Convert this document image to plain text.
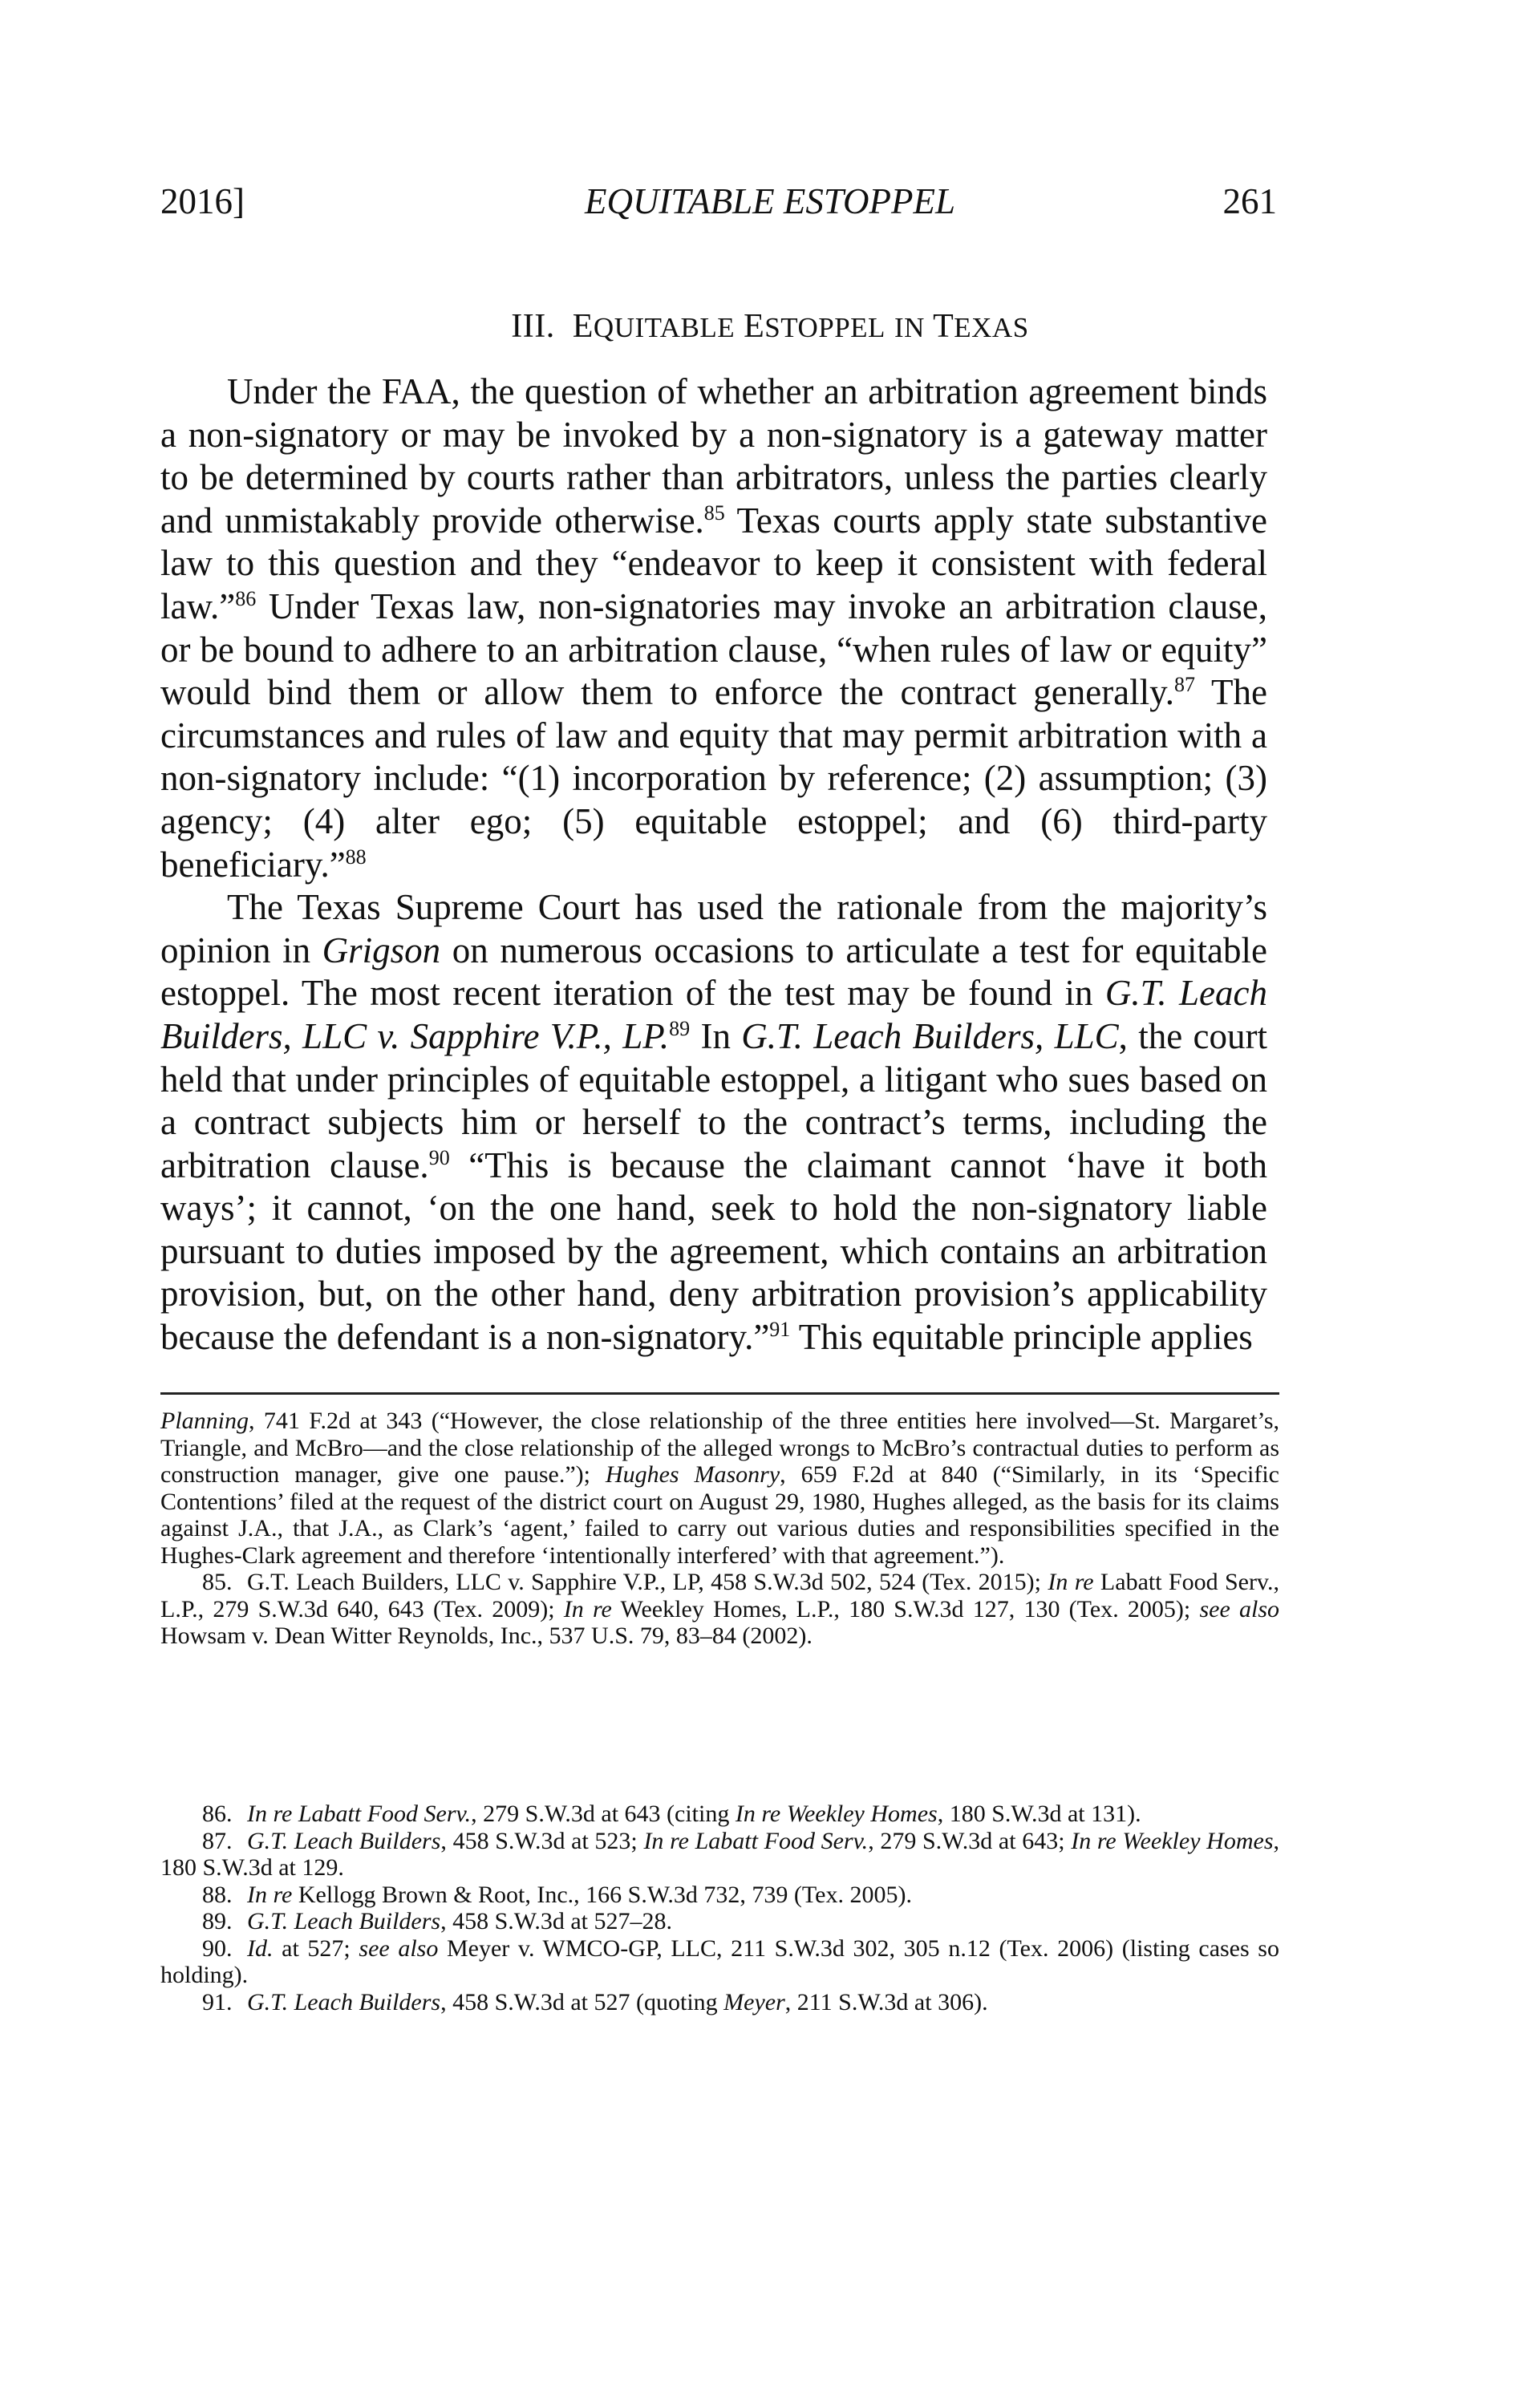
2016]	EQUITABLE ESTOPPEL	261
III. EQUITABLE ESTOPPEL IN TEXAS

Under the FAA, the question of whether an arbitration agreement binds a non-signatory or may be invoked by a non-signatory is a gateway matter to be determined by courts rather than arbitrators, unless the parties clearly and unmistakably provide otherwise.$^{85}$ Texas courts apply state substantive law to this question and they “endeavor to keep it consistent with federal law.”$^{86}$ Under Texas law, non-signatories may invoke an arbitration clause, or be bound to adhere to an arbitration clause, “when rules of law or equity” would bind them or allow them to enforce the contract generally.$^{87}$ The circumstances and rules of law and equity that may permit arbitration with a non-signatory include: “(1) incorporation by reference; (2) assumption; (3) agency; (4) alter ego; (5) equitable estoppel; and (6) third-party beneficiary.”$^{88}$

The Texas Supreme Court has used the rationale from the majority’s opinion in Grigson on numerous occasions to articulate a test for equitable estoppel. The most recent iteration of the test may be found in G.T. Leach Builders, LLC v. Sapphire V.P., LP.$^{89}$ In G.T. Leach Builders, LLC, the court held that under principles of equitable estoppel, a litigant who sues based on a contract subjects him or herself to the contract’s terms, including the arbitration clause.$^{90}$ “This is because the claimant cannot ‘have it both ways’; it cannot, ‘on the one hand, seek to hold the non-signatory liable pursuant to duties imposed by the agreement, which contains an arbitration provision, but, on the other hand, deny arbitration provision’s applicability because the defendant is a non-signatory.”$^{91}$ This equitable principle applies

Planning, 741 F.2d at 343 (“However, the close relationship of the three entities here involved—St. Margaret’s, Triangle, and McBro—and the close relationship of the alleged wrongs to McBro’s contractual duties to perform as construction manager, give one pause.”); Hughes Masonry, 659 F.2d at 840 (“Similarly, in its ‘Specific Contentions’ filed at the request of the district court on August 29, 1980, Hughes alleged, as the basis for its claims against J.A., that J.A., as Clark’s ‘agent,’ failed to carry out various duties and responsibilities specified in the Hughes-Clark agreement and therefore ‘intentionally interfered’ with that agreement.”).

85. G.T. Leach Builders, LLC v. Sapphire V.P., LP, 458 S.W.3d 502, 524 (Tex. 2015); In re Labatt Food Serv., L.P., 279 S.W.3d 640, 643 (Tex. 2009); In re Weekley Homes, L.P., 180 S.W.3d 127, 130 (Tex. 2005); see also Howsam v. Dean Witter Reynolds, Inc., 537 U.S. 79, 83–84 (2002).

86. In re Labatt Food Serv., 279 S.W.3d at 643 (citing In re Weekley Homes, 180 S.W.3d at 131).

87. G.T. Leach Builders, 458 S.W.3d at 523; In re Labatt Food Serv., 279 S.W.3d at 643; In re Weekley Homes, 180 S.W.3d at 129.

88. In re Kellogg Brown & Root, Inc., 166 S.W.3d 732, 739 (Tex. 2005).

89. G.T. Leach Builders, 458 S.W.3d at 527–28.

90. Id. at 527; see also Meyer v. WMCO-GP, LLC, 211 S.W.3d 302, 305 n.12 (Tex. 2006) (listing cases so holding).

91. G.T. Leach Builders, 458 S.W.3d at 527 (quoting Meyer, 211 S.W.3d at 306).
